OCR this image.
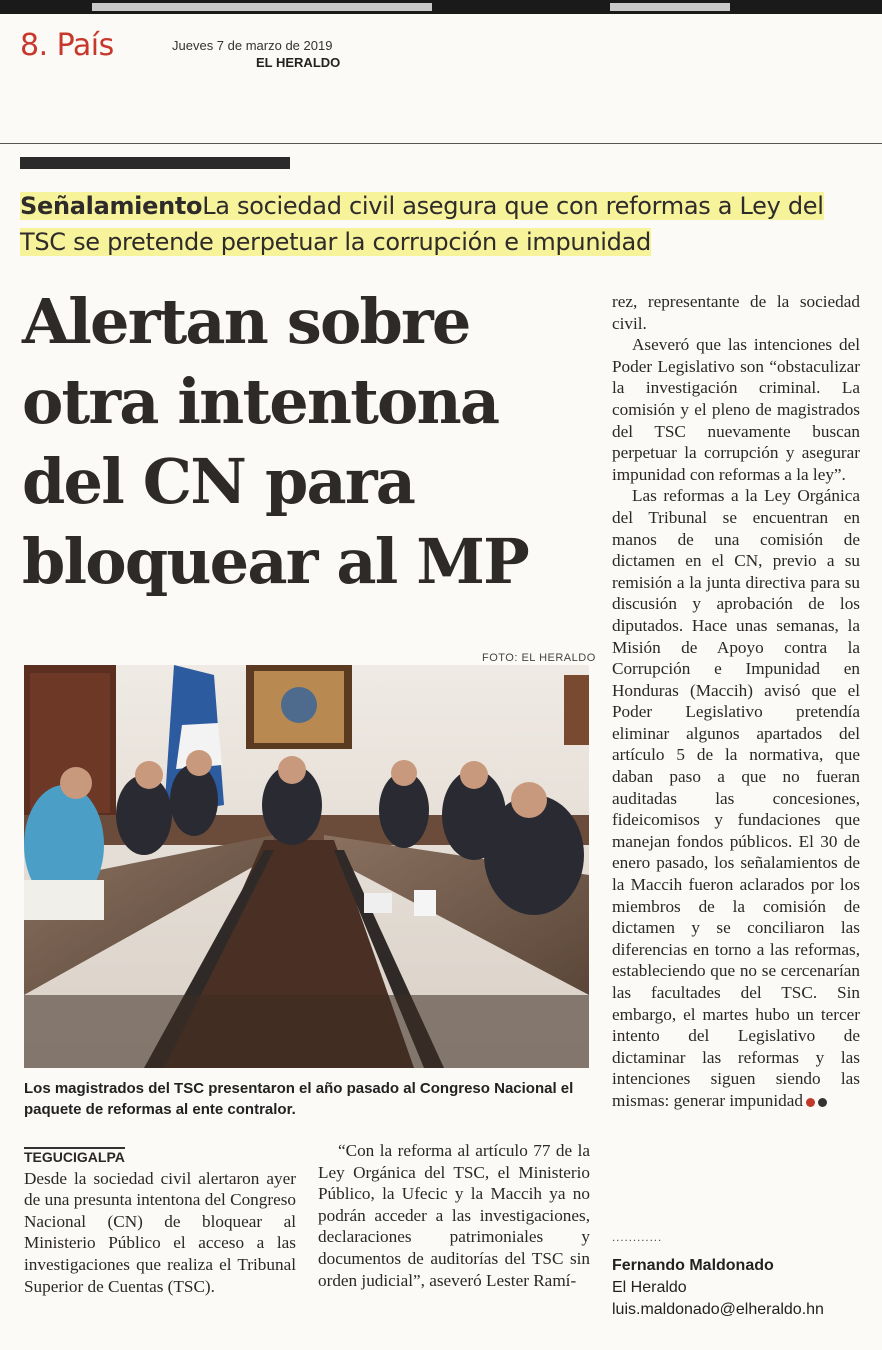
8. País	Jueves 7 de marzo de 2019
EL HERALDO
SeñalamientoLa sociedad civil asegura que con reformas a Ley del TSC se pretende perpetuar la corrupción e impunidad
Alertan sobre
otra intentona
del CN para
bloquear al MP
FOTO: EL HERALDO
Los magistrados del TSC presentaron el año pasado al Congreso Nacional el paquete de reformas al ente contralor.
TEGUCIGALPA

Desde la sociedad civil alertaron ayer de una presunta intentona del Congreso Nacional (CN) de bloquear al Ministerio Público el acceso a las investigaciones que realiza el Tribunal Superior de Cuentas (TSC).

“Con la reforma al artículo 77 de la Ley Orgánica del TSC, el Ministerio Público, la Ufecic y la Maccih ya no podrán acceder a las investigaciones, declaraciones patrimoniales y documentos de auditorías del TSC sin orden judicial”, aseveró Lester Ramí-

rez, representante de la sociedad civil.

Aseveró que las intenciones del Poder Legislativo son “obstaculizar la investigación criminal. La comisión y el pleno de magistrados del TSC nuevamente buscan perpetuar la corrupción y asegurar impunidad con reformas a la ley”.

Las reformas a la Ley Orgánica del Tribunal se encuentran en manos de una comisión de dictamen en el CN, previo a su remisión a la junta directiva para su discusión y aprobación de los diputados. Hace unas semanas, la Misión de Apoyo contra la Corrupción e Impunidad en Honduras (Maccih) avisó que el Poder Legislativo pretendía eliminar algunos apartados del artículo 5 de la normativa, que daban paso a que no fueran auditadas las concesiones, fideicomisos y fundaciones que manejan fondos públicos. El 30 de enero pasado, los señalamientos de la Maccih fueron aclarados por los miembros de la comisión de dictamen y se conciliaron las diferencias en torno a las reformas, estableciendo que no se cercenarían las facultades del TSC. Sin embargo, el martes hubo un tercer intento del Legislativo de dictaminar las reformas y las intenciones siguen siendo las mismas: generar impunidad

............
Fernando Maldonado
El Heraldo
luis.maldonado@elheraldo.hn
